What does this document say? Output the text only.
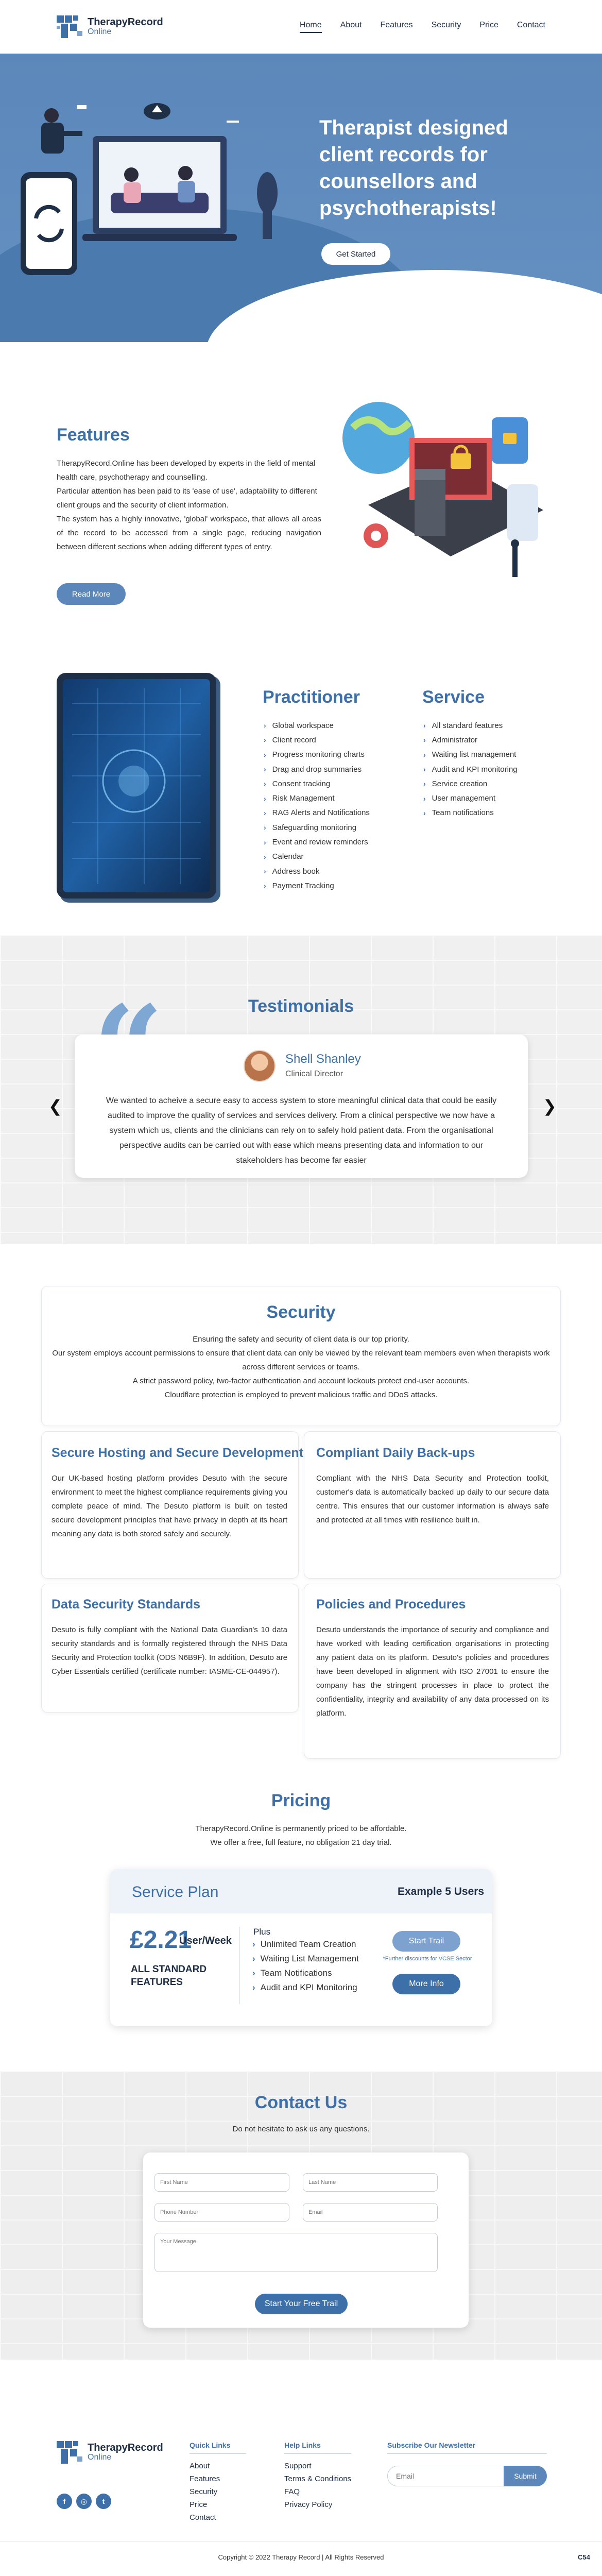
TherapyRecord
Online
Home About Features Security Price Contact
Therapist designed client records for counsellors and psychotherapists!
Get Started
Features

TherapyRecord.Online has been developed by experts in the field of mental health care, psychotherapy and counselling.

Particular attention has been paid to its 'ease of use', adaptability to different client groups and the security of client information.

The system has a highly innovative, 'global' workspace, that allows all areas of the record to be accessed from a single page, reducing navigation between different sections when adding different types of entry.

Read More
Practitioner
› Global workspace
› Client record
› Progress monitoring charts
› Drag and drop summaries
› Consent tracking
› Risk Management
› RAG Alerts and Notifications
› Safeguarding monitoring
› Event and review reminders
› Calendar
› Address book
› Payment Tracking
Service
› All standard features
› Administrator
› Waiting list management
› Audit and KPI monitoring
› Service creation
› User management
› Team notifications
Testimonials
Shell Shanley
Clinical Director
We wanted to acheive a secure easy to access system to store meaningful clinical data that could be easily audited to improve the quality of services and services delivery. From a clinical perspective we now have a system which us, clients and the clinicians can rely on to safely hold patient data. From the organisational perspective audits can be carried out with ease which means presenting data and information to our stakeholders has become far easier
❮	❯
Security

Ensuring the safety and security of client data is our top priority.

Our system employs account permissions to ensure that client data can only be viewed by the relevant team members even when therapists work across different services or teams.

A strict password policy, two-factor authentication and account lockouts protect end-user accounts.

Cloudflare protection is employed to prevent malicious traffic and DDoS attacks.

Secure Hosting and Secure Development
Our UK-based hosting platform provides Desuto with the secure environment to meet the highest compliance requirements giving you complete peace of mind. The Desuto platform is built on tested secure development principles that have privacy in depth at its heart meaning any data is both stored safely and securely.
Compliant Daily Back-ups
Compliant with the NHS Data Security and Protection toolkit, customer's data is automatically backed up daily to our secure data centre. This ensures that our customer information is always safe and protected at all times with resilience built in.
Data Security Standards
Desuto is fully compliant with the National Data Guardian's 10 data security standards and is formally registered through the NHS Data Security and Protection toolkit (ODS N6B9F). In addition, Desuto are Cyber Essentials certified (certificate number: IASME-CE-044957).
Policies and Procedures
Desuto understands the importance of security and compliance and have worked with leading certification organisations in protecting any patient data on its platform. Desuto's policies and procedures have been developed in alignment with ISO 27001 to ensure the company has the stringent processes in place to protect the confidentiality, integrity and availability of any data processed on its platform.
Pricing

TherapyRecord.Online is permanently priced to be affordable.

We offer a free, full feature, no obligation 21 day trial.

Service Plan	Example 5 Users
£2.21
User/Week
ALL STANDARD FEATURES
Plus
› Unlimited Team Creation
› Waiting List Management
› Team Notifications
› Audit and KPI Monitoring
Start Trail
*Further discounts for VCSE Sector
More Info
Contact Us
Do not hesitate to ask us any questions.
First Name
Last Name
Phone Number
Email
Your Message
Start Your Free Trail
TherapyRecord
Online
f	◎	t
Quick Links
About
Features
Security
Price
Contact
Help Links
Support
Terms & Conditions
FAQ
Privacy Policy
Subscribe Our Newsletter
Email
Submit
Copyright © 2022 Therapy Record | All Rights Reserved	C54
